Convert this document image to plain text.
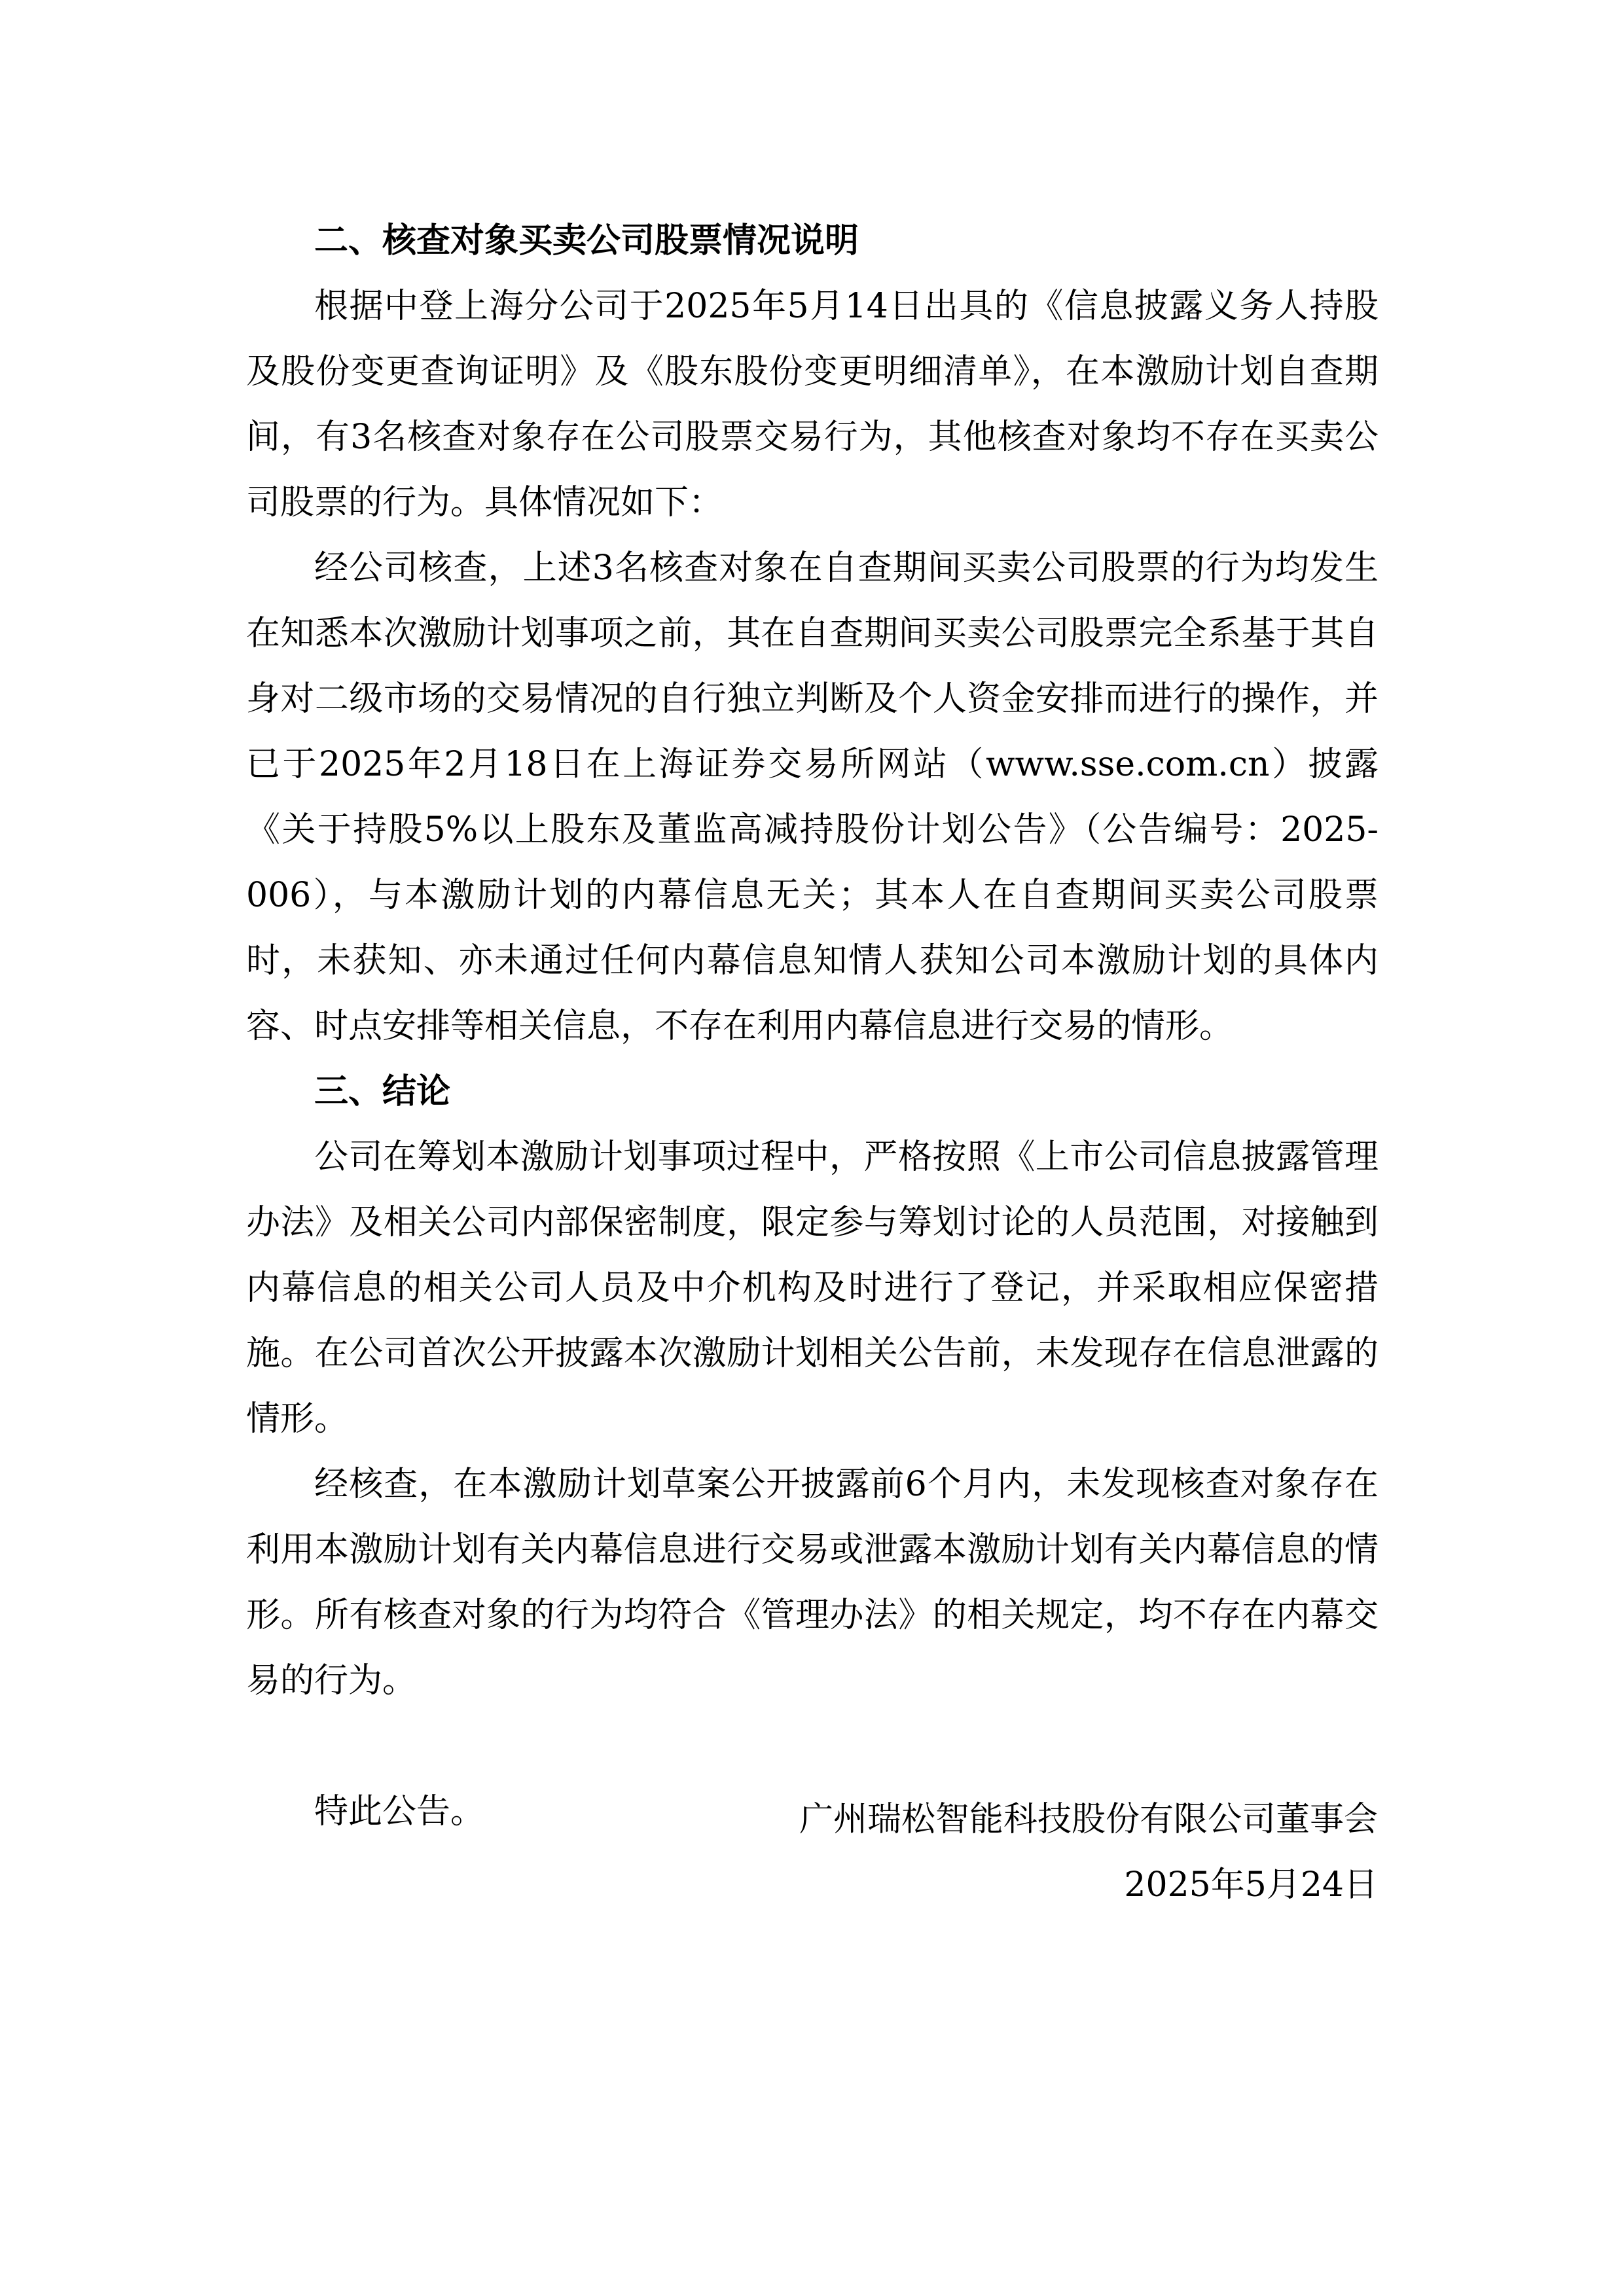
二、核查对象买卖公司股票情况说明

根据中登上海分公司于2025年5月14日出具的《信息披露义务人持股及股份变更查询证明》及《股东股份变更明细清单》，在本激励计划自查期间，有3名核查对象存在公司股票交易行为，其他核查对象均不存在买卖公司股票的行为。具体情况如下：

经公司核查，上述3名核查对象在自查期间买卖公司股票的行为均发生在知悉本次激励计划事项之前，其在自查期间买卖公司股票完全系基于其自身对二级市场的交易情况的自行独立判断及个人资金安排而进行的操作，并已于2025年2月18日在上海证券交易所网站（www.sse.com.cn）披露《关于持股5%以上股东及董监高减持股份计划公告》（公告编号：2025-006），与本激励计划的内幕信息无关；其本人在自查期间买卖公司股票时，未获知、亦未通过任何内幕信息知情人获知公司本激励计划的具体内容、时点安排等相关信息，不存在利用内幕信息进行交易的情形。

三、结论

公司在筹划本激励计划事项过程中，严格按照《上市公司信息披露管理办法》及相关公司内部保密制度，限定参与筹划讨论的人员范围，对接触到内幕信息的相关公司人员及中介机构及时进行了登记，并采取相应保密措施。在公司首次公开披露本次激励计划相关公告前，未发现存在信息泄露的情形。

经核查，在本激励计划草案公开披露前6个月内，未发现核查对象存在利用本激励计划有关内幕信息进行交易或泄露本激励计划有关内幕信息的情形。所有核查对象的行为均符合《管理办法》的相关规定，均不存在内幕交易的行为。

特此公告。	广州瑞松智能科技股份有限公司董事会
2025年5月24日
